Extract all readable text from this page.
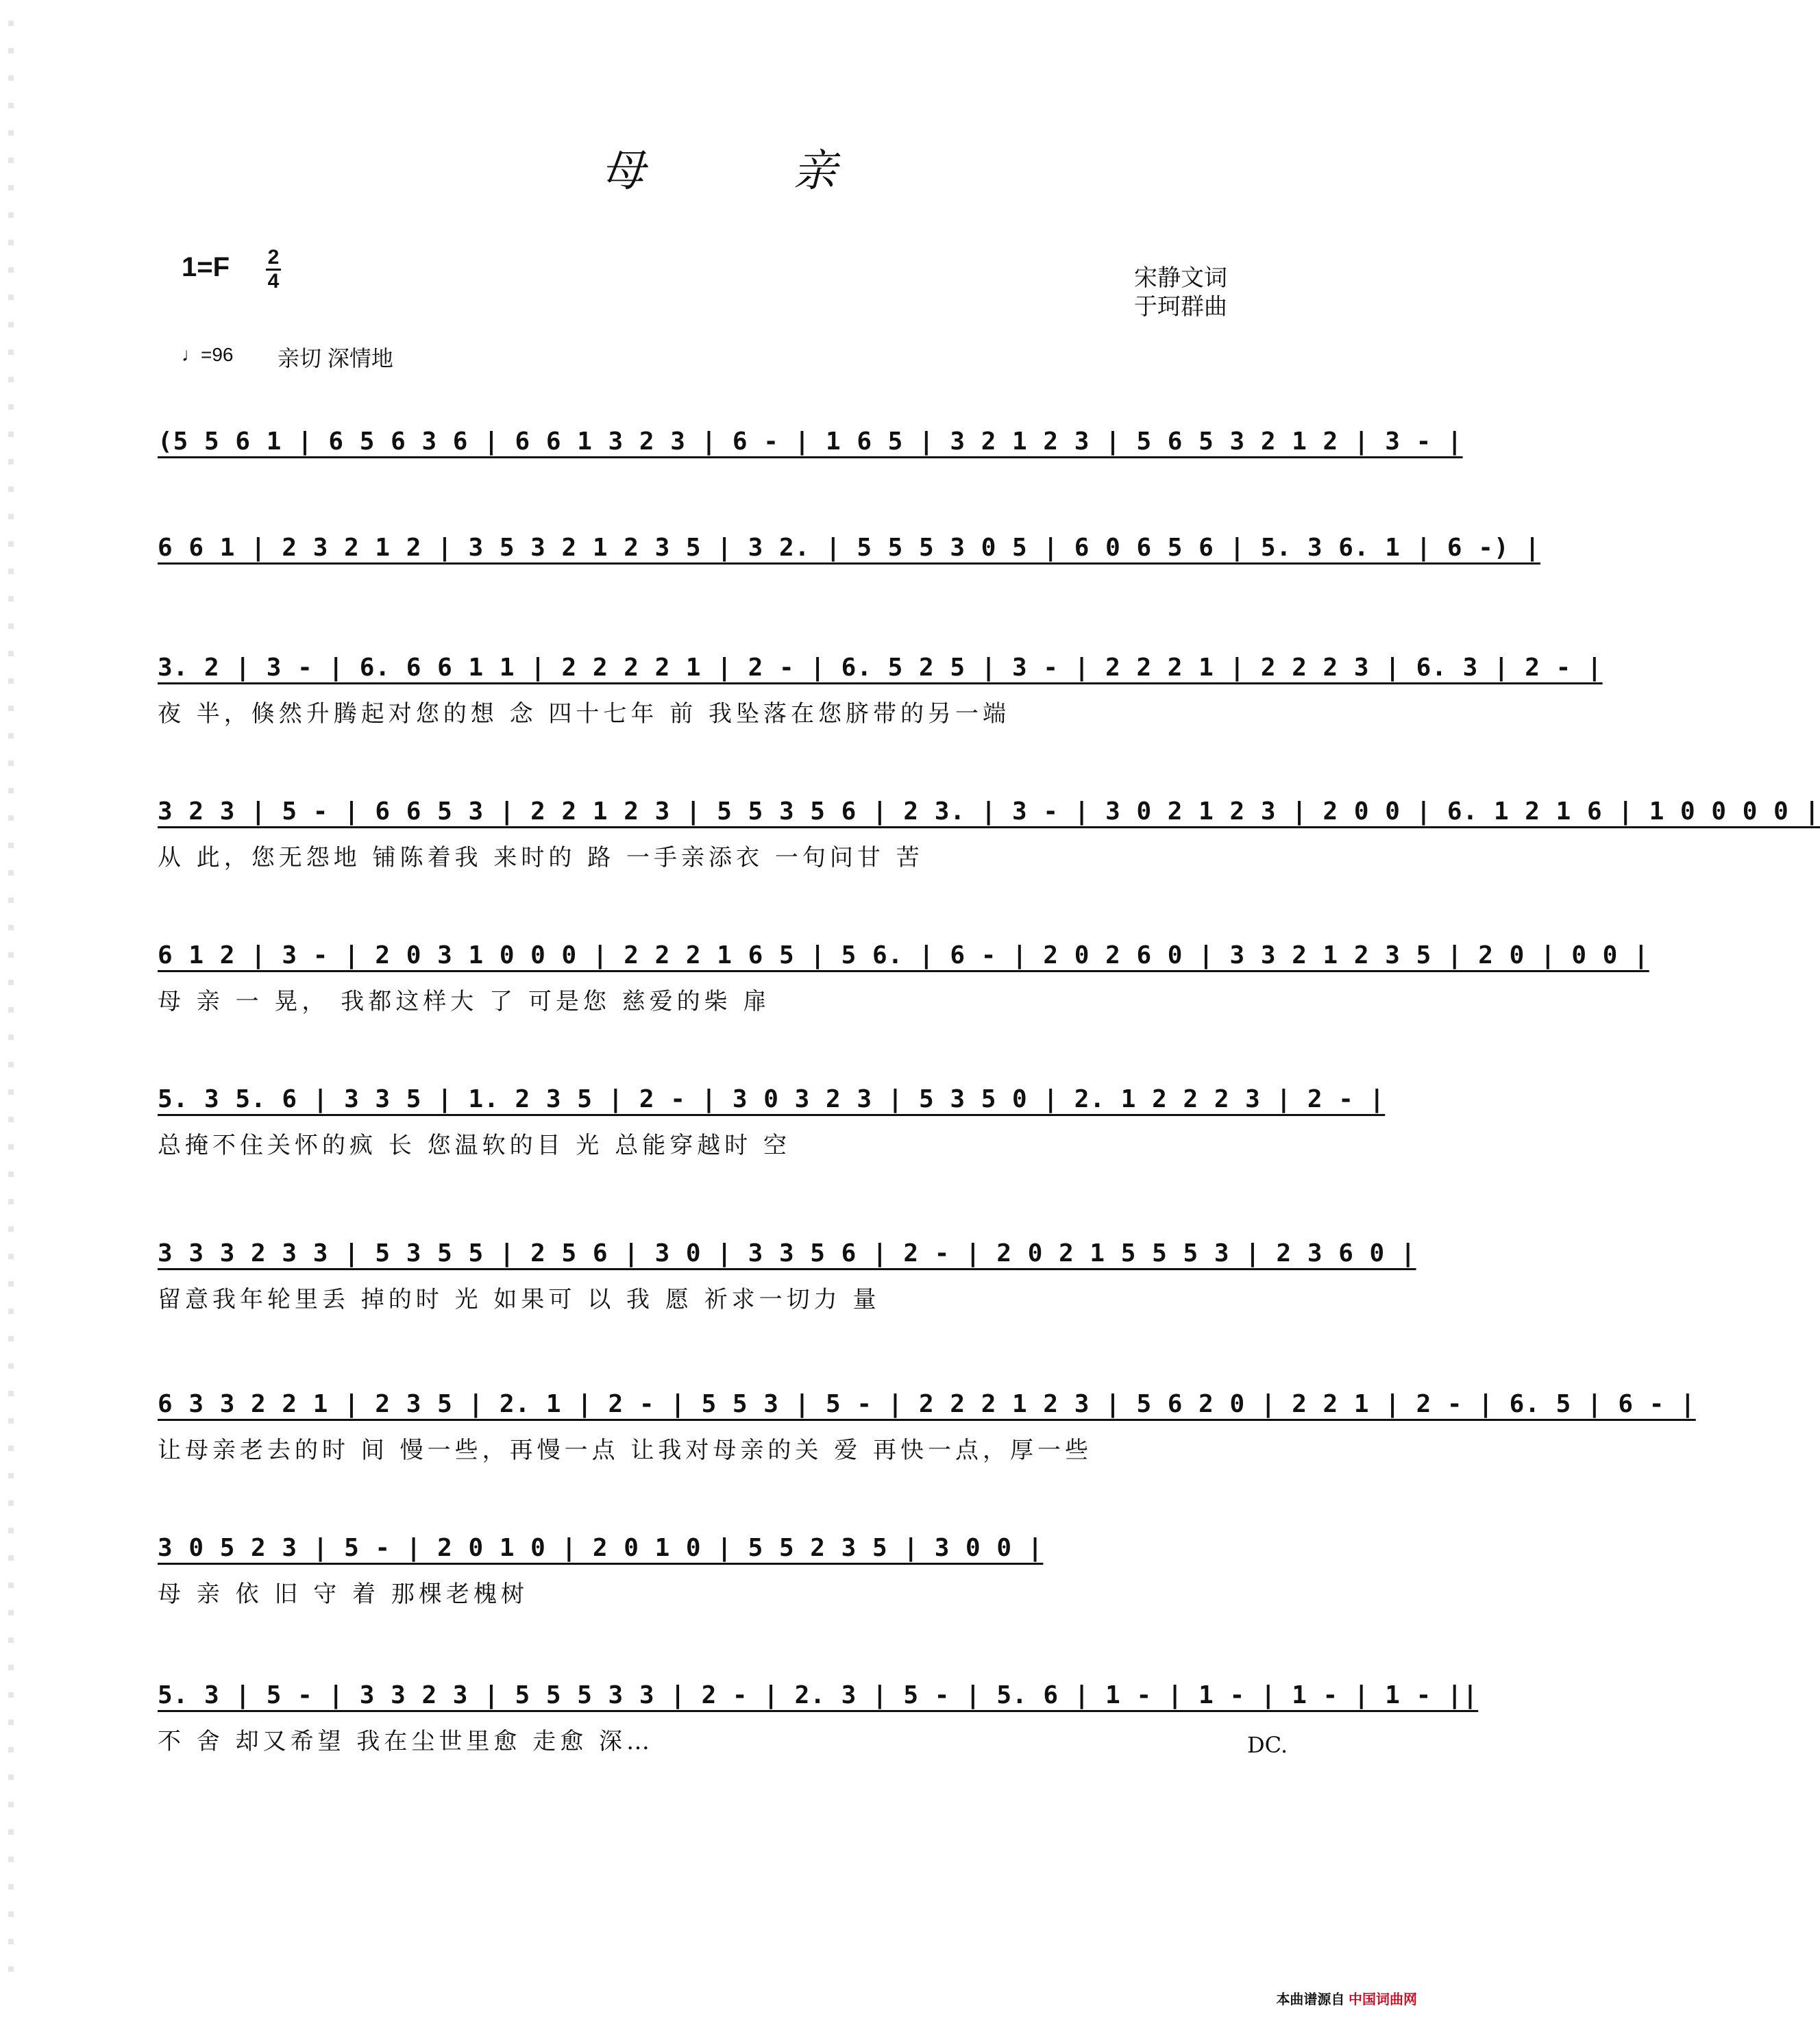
母	亲
1=F 2
4	宋静文词
于珂群曲
♩=96 亲切 深情地
(5 5 6 1 | 6 5 6 3 6 | 6 6 1 3 2 3 | 6 - | 1 6 5 | 3 2 1 2 3 | 5 6 5 3 2 1 2 | 3 - |
6 6 1 | 2 3 2 1 2 | 3 5 3 2 1 2 3 5 | 3 2. | 5 5 5 3 0 5 | 6 0 6 5 6 | 5. 3 6. 1 | 6 -) |
3. 2 | 3 - | 6. 6 6 1 1 | 2 2 2 2 1 | 2 - | 6. 5 2 5 | 3 - | 2 2 2 1 | 2 2 2 3 | 6. 3 | 2 - |
夜 半，倏然升腾起对您的想 念 四十七年 前 我坠落在您脐带的另一端
3 2 3 | 5 - | 6 6 5 3 | 2 2 1 2 3 | 5 5 3 5 6 | 2 3. | 3 - | 3 0 2 1 2 3 | 2 0 0 | 6. 1 2 1 6 | 1 0 0 0 0 |
从 此，您无怨地 铺陈着我 来时的 路 一手亲添衣 一句问甘 苦
6 1 2 | 3 - | 2 0 3 1 0 0 0 | 2 2 2 1 6 5 | 5 6. | 6 - | 2 0 2 6 0 | 3 3 2 1 2 3 5 | 2 0 | 0 0 |
母 亲 一 晃， 我都这样大 了 可是您 慈爱的柴 扉
5. 3 5. 6 | 3 3 5 | 1. 2 3 5 | 2 - | 3 0 3 2 3 | 5 3 5 0 | 2. 1 2 2 2 3 | 2 - |
总掩不住关怀的疯 长 您温软的目 光 总能穿越时 空
3 3 3 2 3 3 | 5 3 5 5 | 2 5 6 | 3 0 | 3 3 5 6 | 2 - | 2 0 2 1 5 5 5 3 | 2 3 6 0 |
留意我年轮里丢 掉的时 光 如果可 以 我 愿 祈求一切力 量
6 3 3 2 2 1 | 2 3 5 | 2. 1 | 2 - | 5 5 3 | 5 - | 2 2 2 1 2 3 | 5 6 2 0 | 2 2 1 | 2 - | 6. 5 | 6 - |
让母亲老去的时 间 慢一些，再慢一点 让我对母亲的关 爱 再快一点，厚一些
3 0 5 2 3 | 5 - | 2 0 1 0 | 2 0 1 0 | 5 5 2 3 5 | 3 0 0 |
母 亲 依 旧 守 着 那棵老槐树
5. 3 | 5 - | 3 3 2 3 | 5 5 5 3 3 | 2 - | 2. 3 | 5 - | 5. 6 | 1 - | 1 - | 1 - | 1 - ||
不 舍 却又希望 我在尘世里愈 走愈 深…	DC.
本曲谱源自 中国词曲网
